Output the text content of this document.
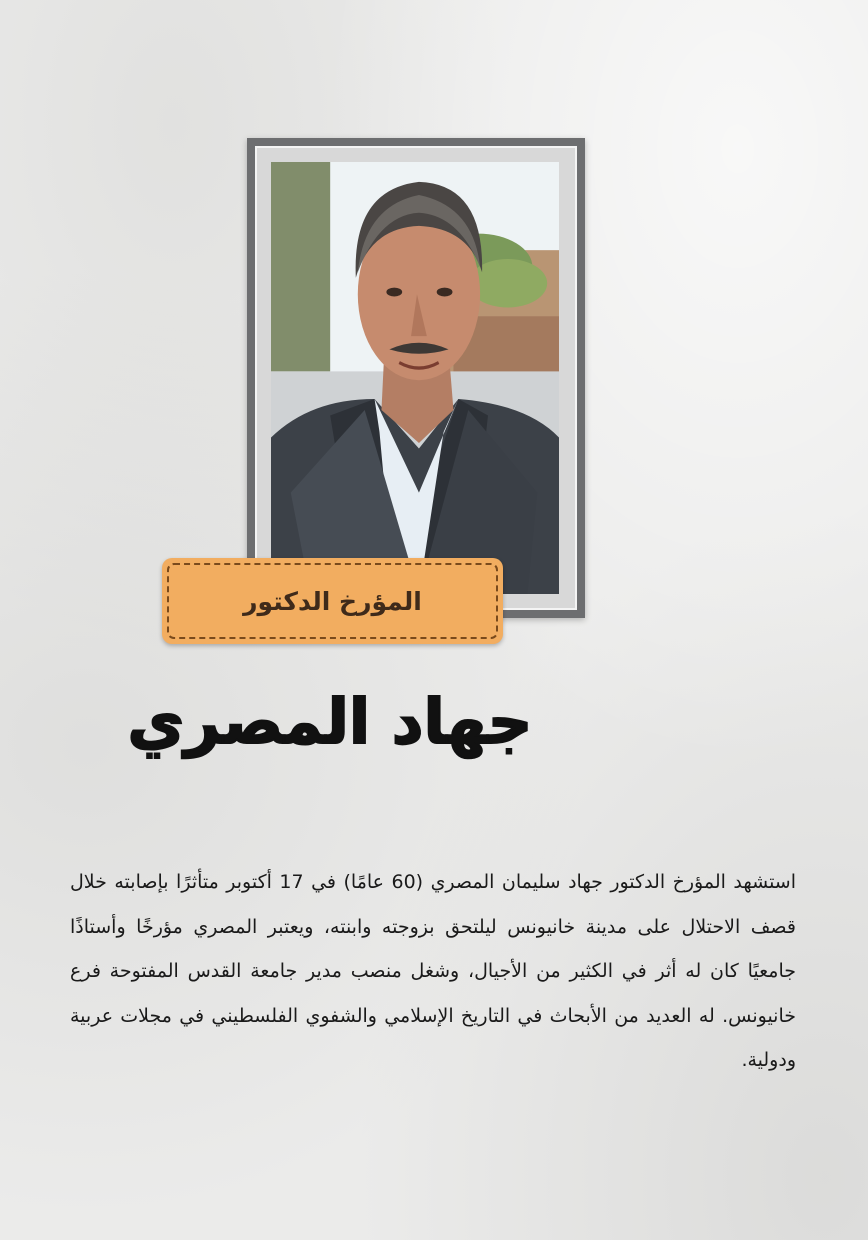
المؤرخ الدكتور
جهاد المصري

استشهد المؤرخ الدكتور جهاد سليمان المصري (60 عامًا) في 17 أكتوبر متأثرًا بإصابته خلال قصف الاحتلال على مدينة خانيونس ليلتحق بزوجته وابنته، ويعتبر المصري مؤرخًا وأستاذًا جامعيًا كان له أثر في الكثير من الأجيال، وشغل منصب مدير جامعة القدس المفتوحة فرع خانيونس. له العديد من الأبحاث في التاريخ الإسلامي والشفوي الفلسطيني في مجلات عربية ودولية.
